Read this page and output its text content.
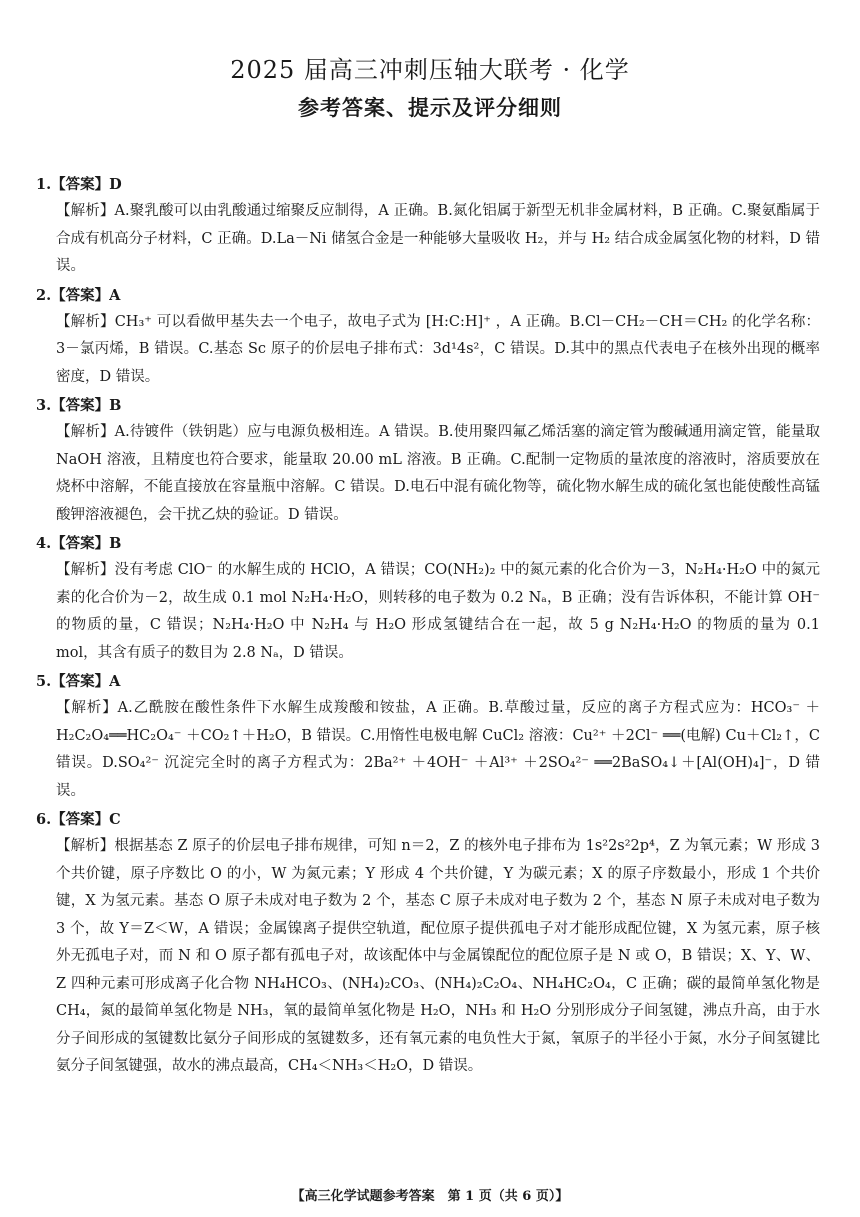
2025 届高三冲刺压轴大联考 · 化学
参考答案、提示及评分细则
1.【答案】D

【解析】A.聚乳酸可以由乳酸通过缩聚反应制得，A 正确。B.氮化铝属于新型无机非金属材料，B 正确。C.聚氨酯属于合成有机高分子材料，C 正确。D.La－Ni 储氢合金是一种能够大量吸收 H₂，并与 H₂ 结合成金属氢化物的材料，D 错误。

2.【答案】A

【解析】CH₃⁺ 可以看做甲基失去一个电子，故电子式为 [H:C:H]⁺ ，A 正确。B.Cl－CH₂－CH＝CH₂ 的化学名称：3－氯丙烯，B 错误。C.基态 Sc 原子的价层电子排布式：3d¹4s²，C 错误。D.其中的黑点代表电子在核外出现的概率密度，D 错误。

3.【答案】B

【解析】A.待镀件（铁钥匙）应与电源负极相连。A 错误。B.使用聚四氟乙烯活塞的滴定管为酸碱通用滴定管，能量取 NaOH 溶液，且精度也符合要求，能量取 20.00 mL 溶液。B 正确。C.配制一定物质的量浓度的溶液时，溶质要放在烧杯中溶解，不能直接放在容量瓶中溶解。C 错误。D.电石中混有硫化物等，硫化物水解生成的硫化氢也能使酸性高锰酸钾溶液褪色，会干扰乙炔的验证。D 错误。

4.【答案】B

【解析】没有考虑 ClO⁻ 的水解生成的 HClO，A 错误；CO(NH₂)₂ 中的氮元素的化合价为－3，N₂H₄·H₂O 中的氮元素的化合价为－2，故生成 0.1 mol N₂H₄·H₂O，则转移的电子数为 0.2 Nₐ，B 正确；没有告诉体积，不能计算 OH⁻ 的物质的量，C 错误；N₂H₄·H₂O 中 N₂H₄ 与 H₂O 形成氢键结合在一起，故 5 g N₂H₄·H₂O 的物质的量为 0.1 mol，其含有质子的数目为 2.8 Nₐ，D 错误。

5.【答案】A

【解析】A.乙酰胺在酸性条件下水解生成羧酸和铵盐，A 正确。B.草酸过量，反应的离子方程式应为：HCO₃⁻ ＋ H₂C₂O₄══HC₂O₄⁻ ＋CO₂↑＋H₂O，B 错误。C.用惰性电极电解 CuCl₂ 溶液：Cu²⁺ ＋2Cl⁻ ══(电解) Cu＋Cl₂↑，C 错误。D.SO₄²⁻ 沉淀完全时的离子方程式为：2Ba²⁺ ＋4OH⁻ ＋Al³⁺ ＋2SO₄²⁻ ══2BaSO₄↓＋[Al(OH)₄]⁻，D 错误。

6.【答案】C

【解析】根据基态 Z 原子的价层电子排布规律，可知 n＝2，Z 的核外电子排布为 1s²2s²2p⁴，Z 为氧元素；W 形成 3 个共价键，原子序数比 O 的小，W 为氮元素；Y 形成 4 个共价键，Y 为碳元素；X 的原子序数最小，形成 1 个共价键，X 为氢元素。基态 O 原子未成对电子数为 2 个，基态 C 原子未成对电子数为 2 个，基态 N 原子未成对电子数为 3 个，故 Y＝Z＜W，A 错误；金属镍离子提供空轨道，配位原子提供孤电子对才能形成配位键，X 为氢元素，原子核外无孤电子对，而 N 和 O 原子都有孤电子对，故该配体中与金属镍配位的配位原子是 N 或 O，B 错误；X、Y、W、Z 四种元素可形成离子化合物 NH₄HCO₃、(NH₄)₂CO₃、(NH₄)₂C₂O₄、NH₄HC₂O₄，C 正确；碳的最简单氢化物是 CH₄，氮的最简单氢化物是 NH₃，氧的最简单氢化物是 H₂O，NH₃ 和 H₂O 分别形成分子间氢键，沸点升高，由于水分子间形成的氢键数比氨分子间形成的氢键数多，还有氧元素的电负性大于氮，氧原子的半径小于氮，水分子间氢键比氨分子间氢键强，故水的沸点最高，CH₄＜NH₃＜H₂O，D 错误。

【高三化学试题参考答案　第 1 页（共 6 页）】
